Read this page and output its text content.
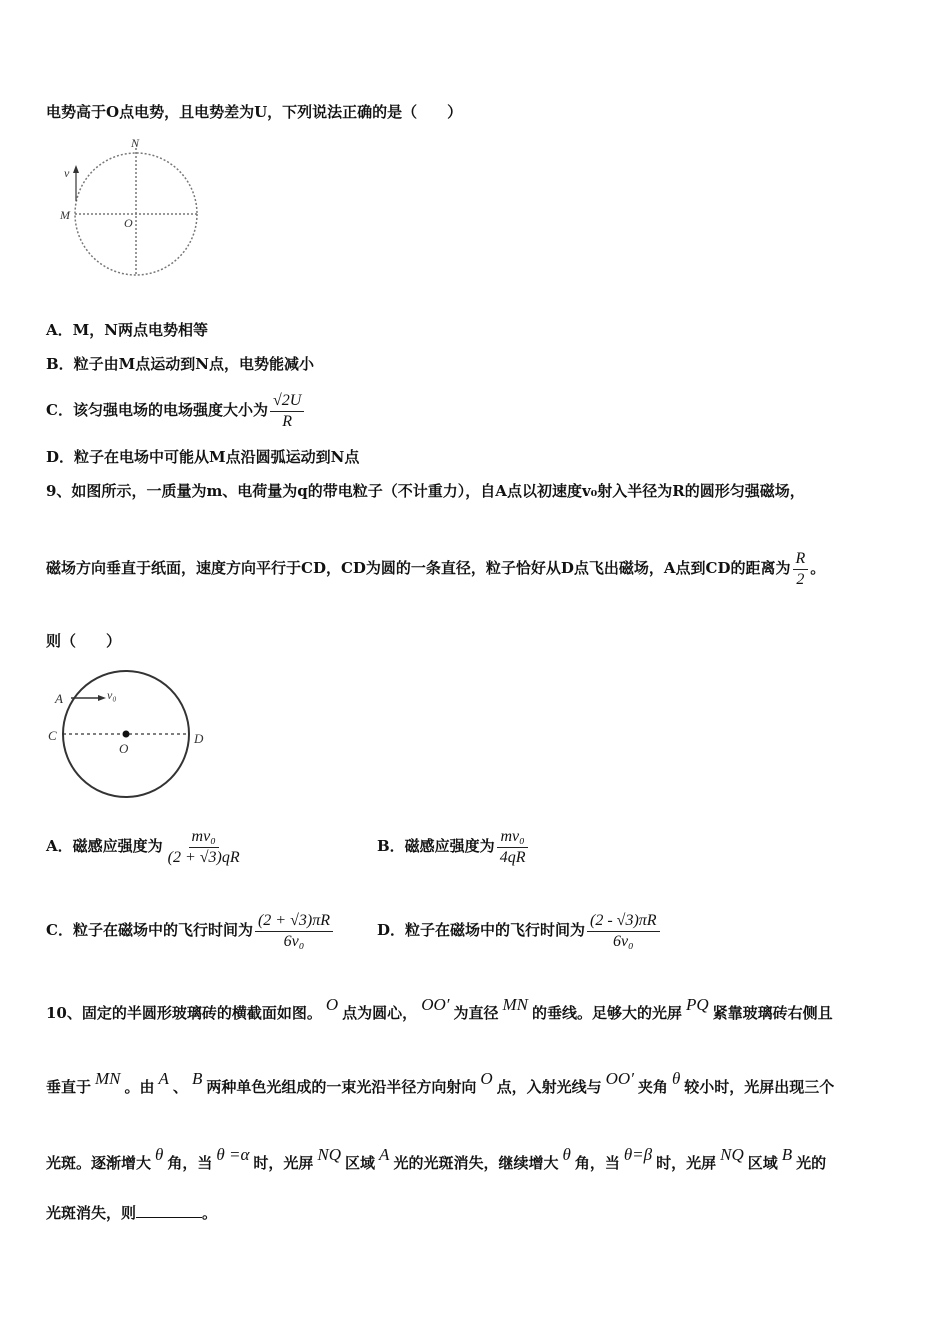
电势高于O点电势，且电势差为U，下列说法正确的是（　　）
N
M
O
v
A．M，N两点电势相等
B．粒子由M点运动到N点，电势能减小
C．该匀强电场的电场强度大小为 $\frac{√2U}{R}$
D．粒子在电场中可能从M点沿圆弧运动到N点
9、如图所示，一质量为m、电荷量为q的带电粒子（不计重力），自A点以初速度v₀射入半径为R的圆形匀强磁场，
磁场方向垂直于纸面，速度方向平行于CD，CD为圆的一条直径，粒子恰好从D点飞出磁场，A点到CD的距离为 $\frac{R}{2}$ 。
则（　　）
A	v₀
C	D
O
A．磁感应强度为 $\frac{\text{mv₀}}{(2 + √3)qR}$	B．磁感应强度为 $\frac{\text{mv₀}}{4qR}$
C．粒子在磁场中的飞行时间为 $\frac{(2 + √3)\pi R}{\text{6v₀}}$	D．粒子在磁场中的飞行时间为 $\frac{(2 - √3)\pi R}{\text{6v₀}}$
10、固定的半圆形玻璃砖的横截面如图。 O 点为圆心， OO′ 为直径 MN 的垂线。足够大的光屏 PQ 紧靠玻璃砖右侧且
垂直于 MN 。由 A 、 B 两种单色光组成的一束光沿半径方向射向 O 点，入射光线与 OO′ 夹角 θ 较小时，光屏出现三个
光斑。逐渐增大 θ 角，当 θ =α 时，光屏 NQ 区域 A 光的光斑消失，继续增大 θ 角，当 θ=β 时，光屏 NQ 区域 B 光的
光斑消失，则	。
